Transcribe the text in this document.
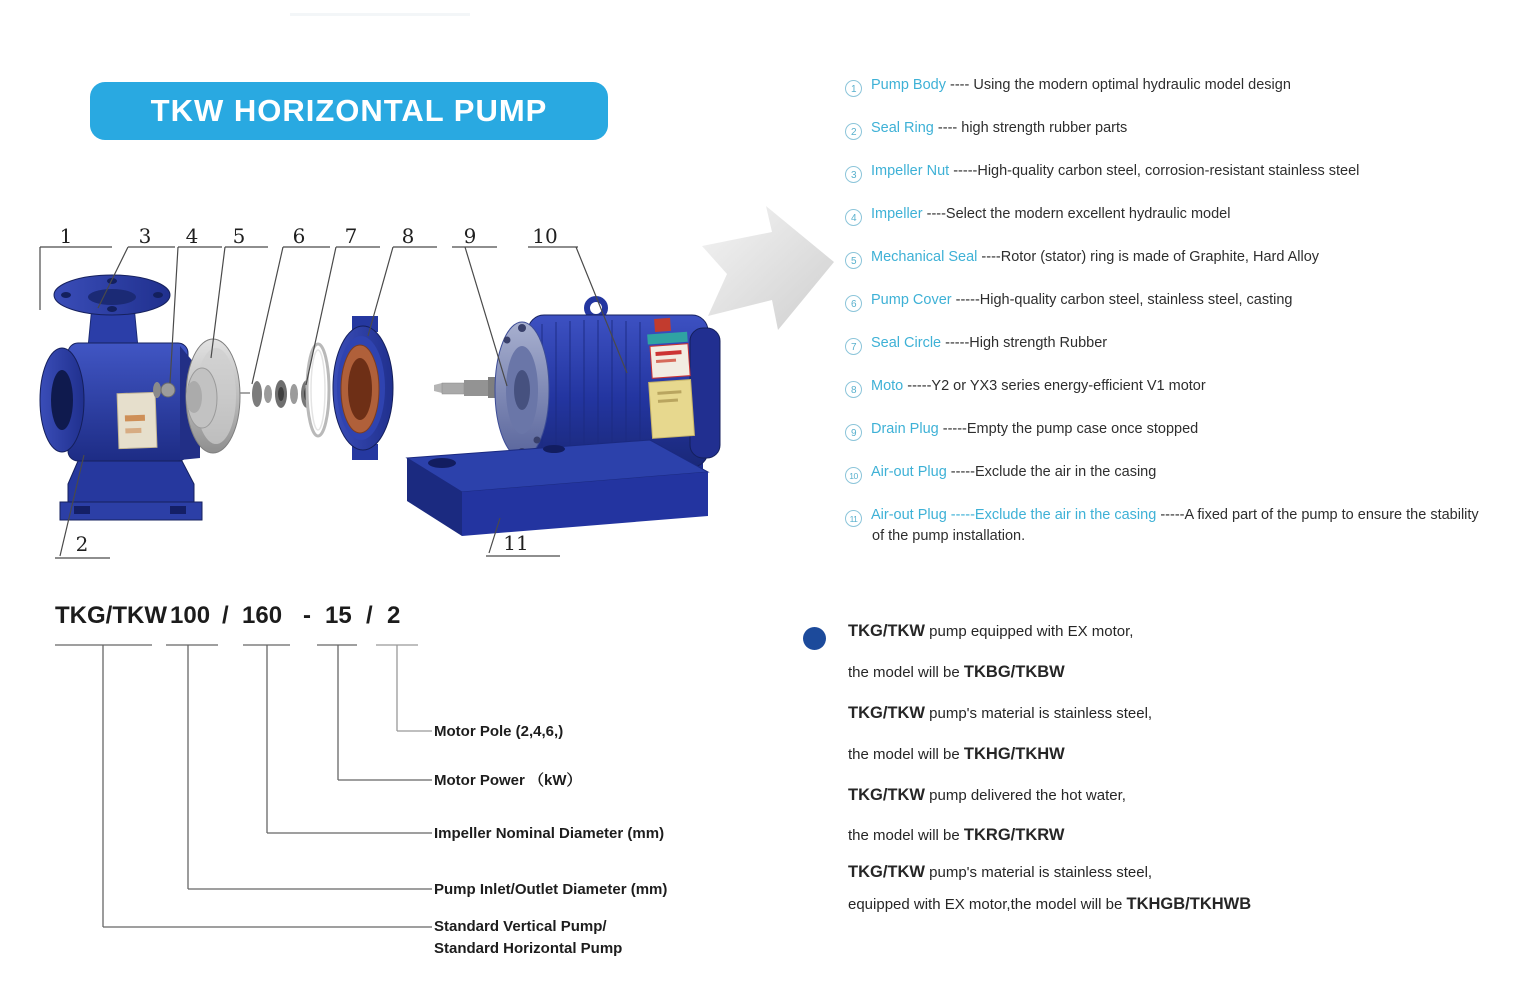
TKW HORIZONTAL PUMP
1	3 4 5 6 7 8 9	10
2	11
1 Pump Body ---- Using the modern optimal hydraulic model design
2 Seal Ring ---- high strength rubber parts
3 Impeller Nut -----High-quality carbon steel, corrosion-resistant stainless steel
4 Impeller ----Select the modern excellent hydraulic model
5 Mechanical Seal ----Rotor (stator) ring is made of Graphite, Hard Alloy
6 Pump Cover -----High-quality carbon steel, stainless steel, casting
7 Seal Circle -----High strength Rubber
8 Moto -----Y2 or YX3 series energy-efficient V1 motor
9 Drain Plug -----Empty the pump case once stopped
10 Air-out Plug -----Exclude the air in the casing
11 Air-out Plug -----Exclude the air in the casing -----A fixed part of the pump to ensure the stability of the pump installation.
TKG/TKW 100 / 160 - 15 / 2
Motor Pole (2,4,6,)
Motor Power （kW）
Impeller Nominal Diameter (mm)
Pump Inlet/Outlet Diameter (mm)
Standard Vertical Pump/
Standard Horizontal Pump
TKG/TKW pump equipped with EX motor,
the model will be TKBG/TKBW
TKG/TKW pump's material is stainless steel,
the model will be TKHG/TKHW
TKG/TKW pump delivered the hot water,
the model will be TKRG/TKRW
TKG/TKW pump's material is stainless steel,
equipped with EX motor,the model will be TKHGB/TKHWB
